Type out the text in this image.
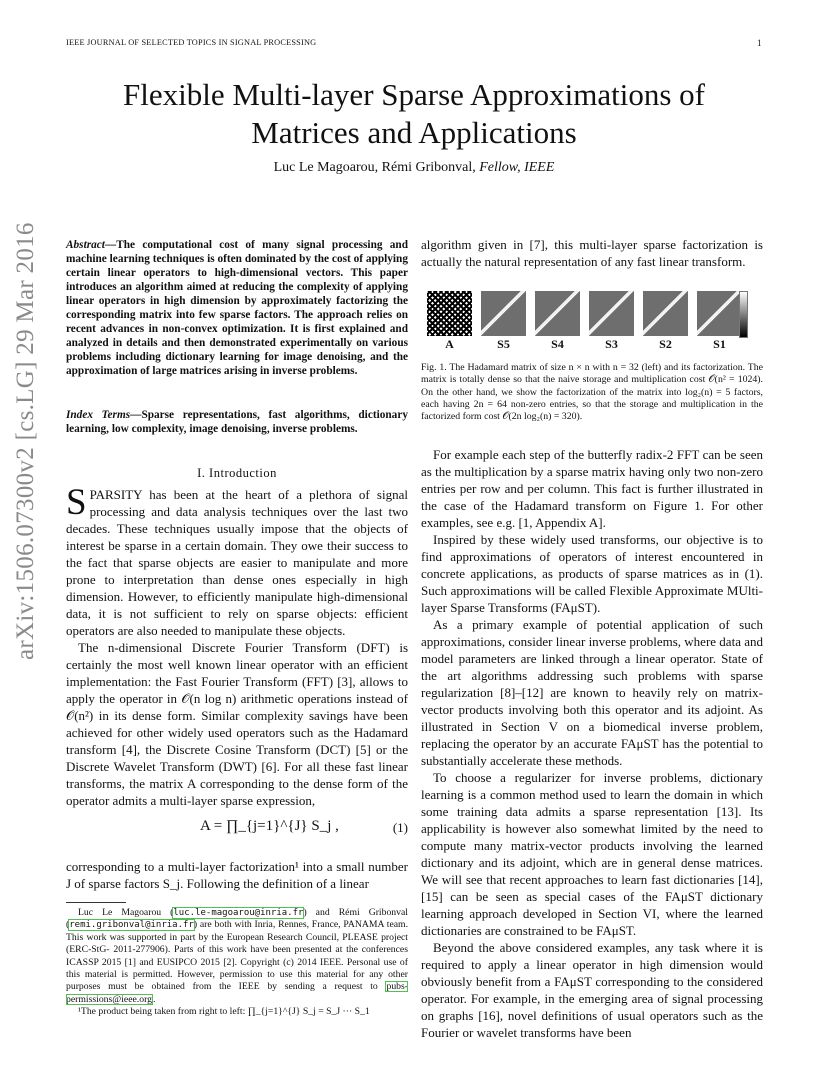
IEEE JOURNAL OF SELECTED TOPICS IN SIGNAL PROCESSING	1
arXiv:1506.07300v2 [cs.LG] 29 Mar 2016
Flexible Multi-layer Sparse Approximations of Matrices and Applications
Luc Le Magoarou, Rémi Gribonval, Fellow, IEEE
Abstract—The computational cost of many signal processing and machine learning techniques is often dominated by the cost of applying certain linear operators to high-dimensional vectors. This paper introduces an algorithm aimed at reducing the complexity of applying linear operators in high dimension by approximately factorizing the corresponding matrix into few sparse factors. The approach relies on recent advances in non-convex optimization. It is first explained and analyzed in details and then demonstrated experimentally on various problems including dictionary learning for image denoising, and the approximation of large matrices arising in inverse problems.
Index Terms—Sparse representations, fast algorithms, dictionary learning, low complexity, image denoising, inverse problems.
I. Introduction

SPARSITY has been at the heart of a plethora of signal processing and data analysis techniques over the last two decades. These techniques usually impose that the objects of interest be sparse in a certain domain. They owe their success to the fact that sparse objects are easier to manipulate and more prone to interpretation than dense ones especially in high dimension. However, to efficiently manipulate high-dimensional data, it is not sufficient to rely on sparse objects: efficient operators are also needed to manipulate these objects.

The n-dimensional Discrete Fourier Transform (DFT) is certainly the most well known linear operator with an efficient implementation: the Fast Fourier Transform (FFT) [3], allows to apply the operator in 𝒪(n log n) arithmetic operations instead of 𝒪(n²) in its dense form. Similar complexity savings have been achieved for other widely used operators such as the Hadamard transform [4], the Discrete Cosine Transform (DCT) [5] or the Discrete Wavelet Transform (DWT) [6]. For all these fast linear transforms, the matrix A corresponding to the dense form of the operator admits a multi-layer sparse expression,

A = ∏_{j=1}^{J} S_j ,	(1)

corresponding to a multi-layer factorization¹ into a small number J of sparse factors S_j. Following the definition of a linear

Luc Le Magoarou (luc.le-magoarou@inria.fr) and Rémi Gribonval (remi.gribonval@inria.fr) are both with Inria, Rennes, France, PANAMA team. This work was supported in part by the European Research Council, PLEASE project (ERC-StG- 2011-277906). Parts of this work have been presented at the conferences ICASSP 2015 [1] and EUSIPCO 2015 [2]. Copyright (c) 2014 IEEE. Personal use of this material is permitted. However, permission to use this material for any other purposes must be obtained from the IEEE by sending a request to pubs-permissions@ieee.org.
¹The product being taken from right to left: ∏_{j=1}^{J} S_j = S_J ··· S_1
algorithm given in [7], this multi-layer sparse factorization is actually the natural representation of any fast linear transform.
A	S5	S4	S3	S2	S1
Fig. 1. The Hadamard matrix of size n × n with n = 32 (left) and its factorization. The matrix is totally dense so that the naive storage and multiplication cost 𝒪(n² = 1024). On the other hand, we show the factorization of the matrix into log₂(n) = 5 factors, each having 2n = 64 non-zero entries, so that the storage and multiplication in the factorized form cost 𝒪(2n log₂(n) = 320).

For example each step of the butterfly radix-2 FFT can be seen as the multiplication by a sparse matrix having only two non-zero entries per row and per column. This fact is further illustrated in the case of the Hadamard transform on Figure 1. For other examples, see e.g. [1, Appendix A].

Inspired by these widely used transforms, our objective is to find approximations of operators of interest encountered in concrete applications, as products of sparse matrices as in (1). Such approximations will be called Flexible Approximate MUlti-layer Sparse Transforms (FAμST).

As a primary example of potential application of such approximations, consider linear inverse problems, where data and model parameters are linked through a linear operator. State of the art algorithms addressing such problems with sparse regularization [8]–[12] are known to heavily rely on matrix-vector products involving both this operator and its adjoint. As illustrated in Section V on a biomedical inverse problem, replacing the operator by an accurate FAμST has the potential to substantially accelerate these methods.

To choose a regularizer for inverse problems, dictionary learning is a common method used to learn the domain in which some training data admits a sparse representation [13]. Its applicability is however also somewhat limited by the need to compute many matrix-vector products involving the learned dictionary and its adjoint, which are in general dense matrices. We will see that recent approaches to learn fast dictionaries [14], [15] can be seen as special cases of the FAμST dictionary learning approach developed in Section VI, where the learned dictionaries are constrained to be FAμST.

Beyond the above considered examples, any task where it is required to apply a linear operator in high dimension would obviously benefit from a FAμST corresponding to the considered operator. For example, in the emerging area of signal processing on graphs [16], novel definitions of usual operators such as the Fourier or wavelet transforms have been
